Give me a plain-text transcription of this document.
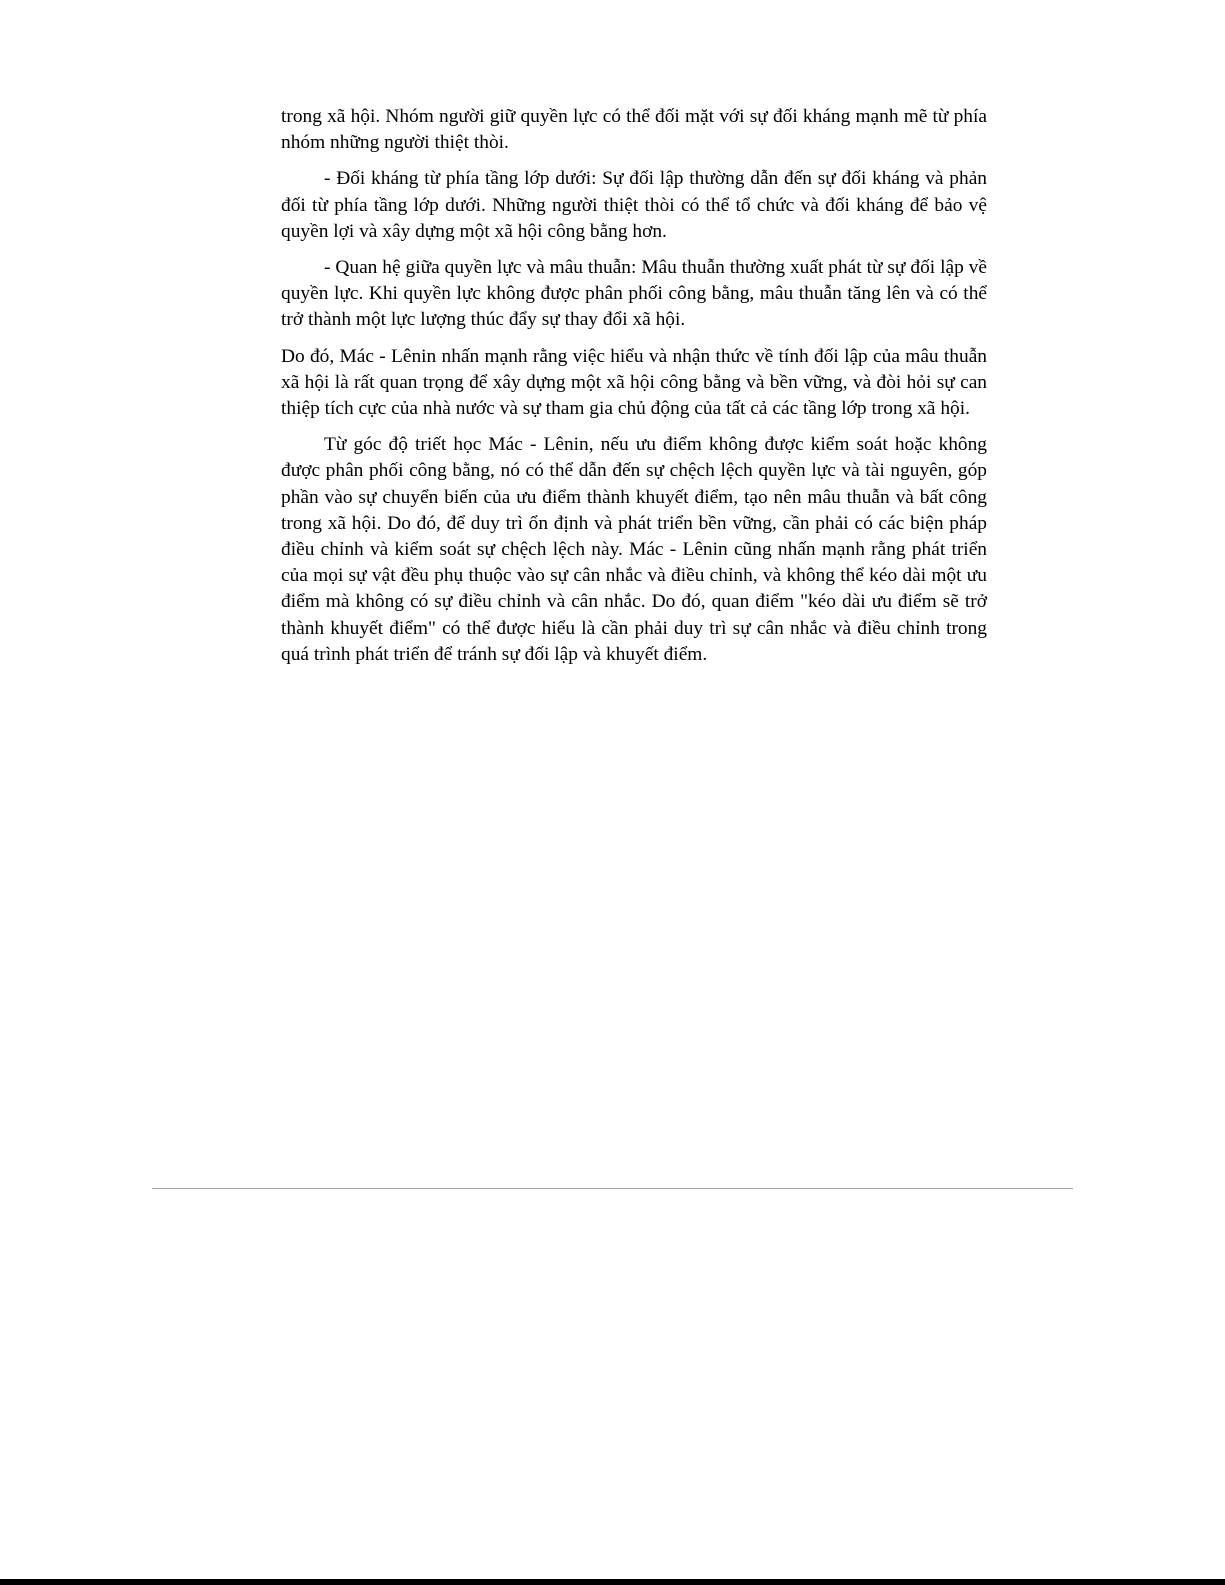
trong xã hội. Nhóm người giữ quyền lực có thể đối mặt với sự đối kháng mạnh mẽ từ phía nhóm những người thiệt thòi.

- Đối kháng từ phía tầng lớp dưới: Sự đối lập thường dẫn đến sự đối kháng và phản đối từ phía tầng lớp dưới. Những người thiệt thòi có thể tổ chức và đối kháng để bảo vệ quyền lợi và xây dựng một xã hội công bằng hơn.

- Quan hệ giữa quyền lực và mâu thuẫn: Mâu thuẫn thường xuất phát từ sự đối lập về quyền lực. Khi quyền lực không được phân phối công bằng, mâu thuẫn tăng lên và có thể trở thành một lực lượng thúc đẩy sự thay đổi xã hội.

Do đó, Mác - Lênin nhấn mạnh rằng việc hiểu và nhận thức về tính đối lập của mâu thuẫn xã hội là rất quan trọng để xây dựng một xã hội công bằng và bền vững, và đòi hỏi sự can thiệp tích cực của nhà nước và sự tham gia chủ động của tất cả các tầng lớp trong xã hội.

Từ góc độ triết học Mác - Lênin, nếu ưu điểm không được kiểm soát hoặc không được phân phối công bằng, nó có thể dẫn đến sự chệch lệch quyền lực và tài nguyên, góp phần vào sự chuyển biến của ưu điểm thành khuyết điểm, tạo nên mâu thuẫn và bất công trong xã hội. Do đó, để duy trì ổn định và phát triển bền vững, cần phải có các biện pháp điều chỉnh và kiểm soát sự chệch lệch này. Mác - Lênin cũng nhấn mạnh rằng phát triển của mọi sự vật đều phụ thuộc vào sự cân nhắc và điều chỉnh, và không thể kéo dài một ưu điểm mà không có sự điều chỉnh và cân nhắc. Do đó, quan điểm "kéo dài ưu điểm sẽ trở thành khuyết điểm" có thể được hiểu là cần phải duy trì sự cân nhắc và điều chỉnh trong quá trình phát triển để tránh sự đối lập và khuyết điểm.
